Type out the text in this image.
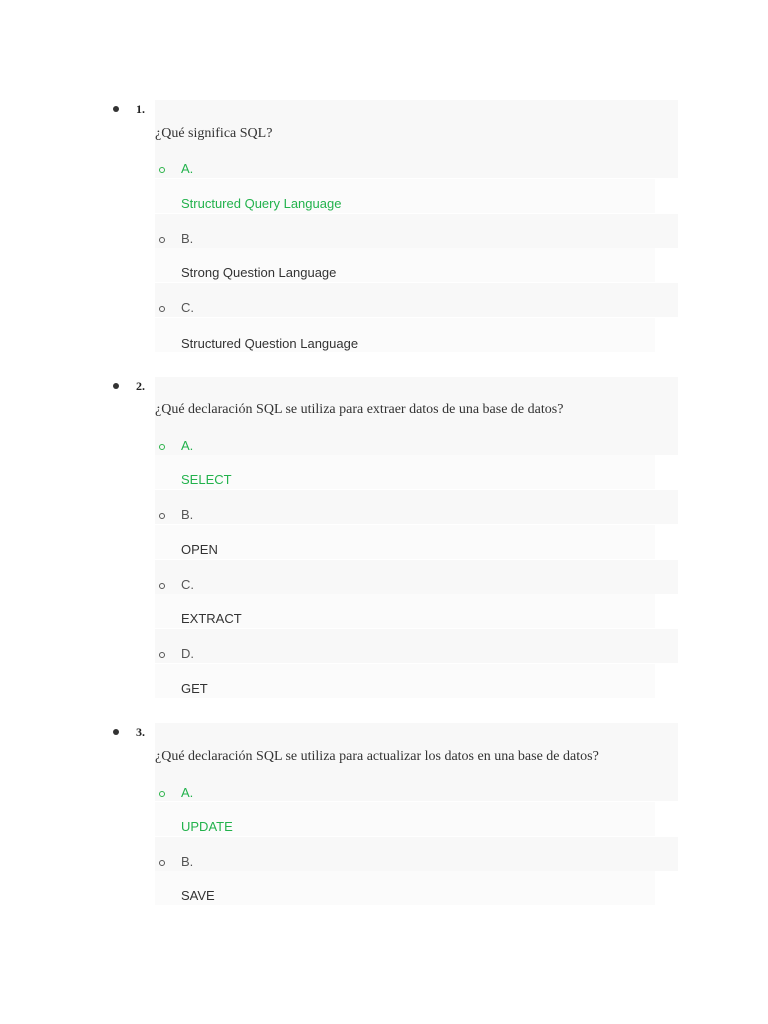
1.
¿Qué significa SQL?
A.
Structured Query Language
B.
Strong Question Language
C.
Structured Question Language
2.
¿Qué declaración SQL se utiliza para extraer datos de una base de datos?
A.
SELECT
B.
OPEN
C.
EXTRACT
D.
GET
3.
¿Qué declaración SQL se utiliza para actualizar los datos en una base de datos?
A.
UPDATE
B.
SAVE
